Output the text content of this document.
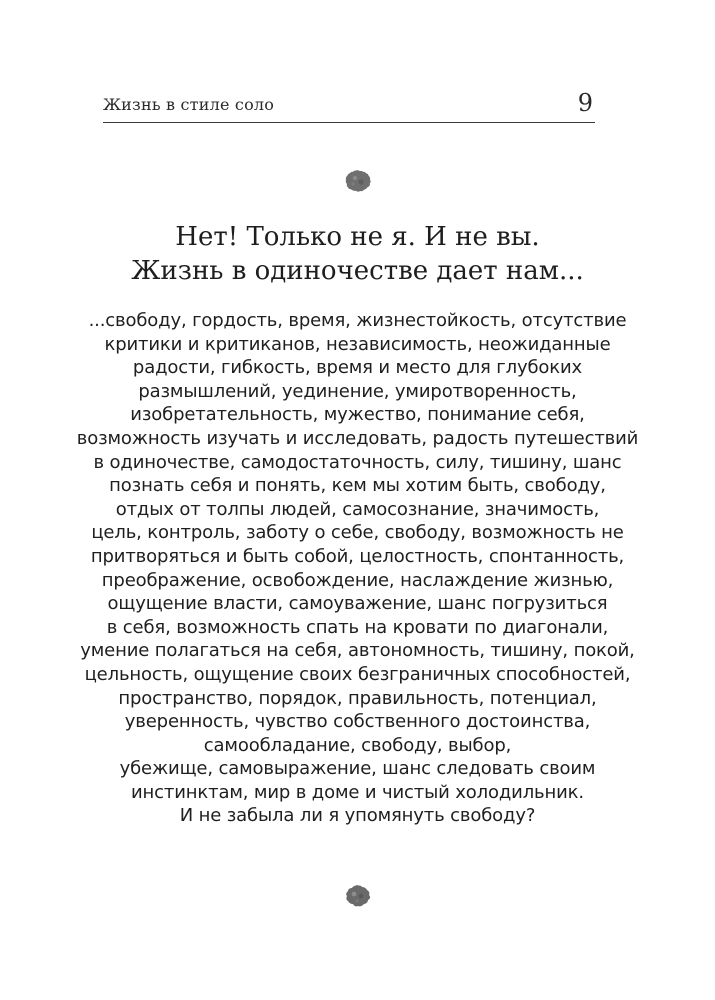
Жизнь в стиле соло	9
Нет! Только не я. И не вы.
Жизнь в одиночестве дает нам...
...свободу, гордость, время, жизнестойкость, отсутствие
критики и критиканов, независимость, неожиданные
радости, гибкость, время и место для глубоких
размышлений, уединение, умиротворенность,
изобретательность, мужество, понимание себя,
возможность изучать и исследовать, радость путешествий
в одиночестве, самодостаточность, силу, тишину, шанс
познать себя и понять, кем мы хотим быть, свободу,
отдых от толпы людей, самосознание, значимость,
цель, контроль, заботу о себе, свободу, возможность не
притворяться и быть собой, целостность, спонтанность,
преображение, освобождение, наслаждение жизнью,
ощущение власти, самоуважение, шанс погрузиться
в себя, возможность спать на кровати по диагонали,
умение полагаться на себя, автономность, тишину, покой,
цельность, ощущение своих безграничных способностей,
пространство, порядок, правильность, потенциал,
уверенность, чувство собственного достоинства,
самообладание, свободу, выбор,
убежище, самовыражение, шанс следовать своим
инстинктам, мир в доме и чистый холодильник.
И не забыла ли я упомянуть свободу?
